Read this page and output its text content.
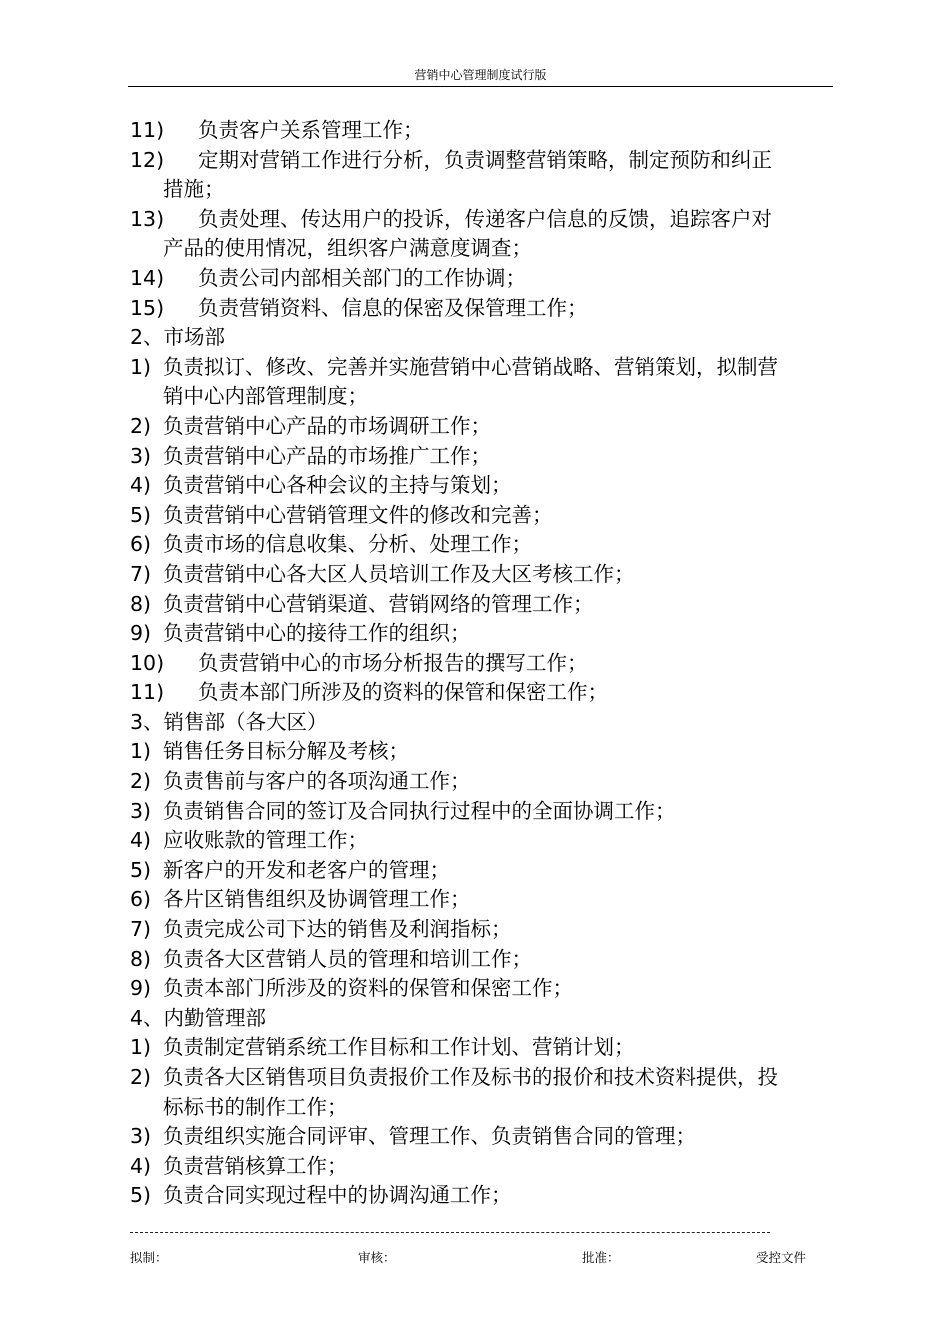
营销中心管理制度试行版
11) 负责客户关系管理工作；
12) 定期对营销工作进行分析，负责调整营销策略，制定预防和纠正
措施；
13) 负责处理、传达用户的投诉，传递客户信息的反馈，追踪客户对
产品的使用情况，组织客户满意度调查；
14) 负责公司内部相关部门的工作协调；
15) 负责营销资料、信息的保密及保管理工作；
2、市场部
1) 负责拟订、修改、完善并实施营销中心营销战略、营销策划，拟制营
销中心内部管理制度；
2) 负责营销中心产品的市场调研工作；
3) 负责营销中心产品的市场推广工作；
4) 负责营销中心各种会议的主持与策划；
5) 负责营销中心营销管理文件的修改和完善；
6) 负责市场的信息收集、分析、处理工作；
7) 负责营销中心各大区人员培训工作及大区考核工作；
8) 负责营销中心营销渠道、营销网络的管理工作；
9) 负责营销中心的接待工作的组织；
10) 负责营销中心的市场分析报告的撰写工作；
11) 负责本部门所涉及的资料的保管和保密工作；
3、销售部（各大区）
1) 销售任务目标分解及考核；
2) 负责售前与客户的各项沟通工作；
3) 负责销售合同的签订及合同执行过程中的全面协调工作；
4) 应收账款的管理工作；
5) 新客户的开发和老客户的管理；
6) 各片区销售组织及协调管理工作；
7) 负责完成公司下达的销售及利润指标；
8) 负责各大区营销人员的管理和培训工作；
9) 负责本部门所涉及的资料的保管和保密工作；
4、内勤管理部
1) 负责制定营销系统工作目标和工作计划、营销计划；
2) 负责各大区销售项目负责报价工作及标书的报价和技术资料提供，投
标标书的制作工作；
3) 负责组织实施合同评审、管理工作、负责销售合同的管理；
4) 负责营销核算工作；
5) 负责合同实现过程中的协调沟通工作；
拟制：	审核：	批准：	受控文件
